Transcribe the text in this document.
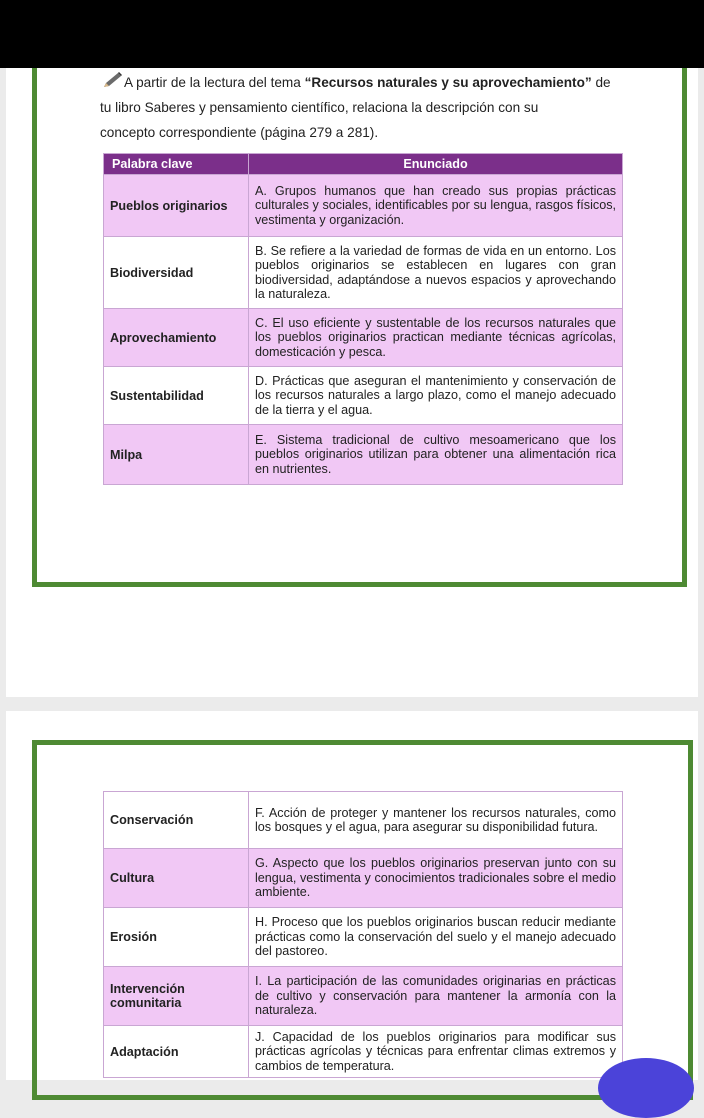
A partir de la lectura del tema “Recursos naturales y su aprovechamiento” de
tu libro Saberes y pensamiento científico, relaciona la descripción con su
concepto correspondiente (página 279 a 281).
Palabra clave	Enunciado
Pueblos originarios	A. Grupos humanos que han creado sus propias prácticas culturales y sociales, identificables por su lengua, rasgos físicos, vestimenta y organización.
Biodiversidad	B. Se refiere a la variedad de formas de vida en un entorno. Los pueblos originarios se establecen en lugares con gran biodiversidad, adaptándose a nuevos espacios y aprovechando la naturaleza.
Aprovechamiento	C. El uso eficiente y sustentable de los recursos naturales que los pueblos originarios practican mediante técnicas agrícolas, domesticación y pesca.
Sustentabilidad	D. Prácticas que aseguran el mantenimiento y conservación de los recursos naturales a largo plazo, como el manejo adecuado de la tierra y el agua.
Milpa	E. Sistema tradicional de cultivo mesoamericano que los pueblos originarios utilizan para obtener una alimentación rica en nutrientes.
Conservación	F. Acción de proteger y mantener los recursos naturales, como los bosques y el agua, para asegurar su disponibilidad futura.
Cultura	G. Aspecto que los pueblos originarios preservan junto con su lengua, vestimenta y conocimientos tradicionales sobre el medio ambiente.
Erosión	H. Proceso que los pueblos originarios buscan reducir mediante prácticas como la conservación del suelo y el manejo adecuado del pastoreo.
Intervención comunitaria	I. La participación de las comunidades originarias en prácticas de cultivo y conservación para mantener la armonía con la naturaleza.
Adaptación	J. Capacidad de los pueblos originarios para modificar sus prácticas agrícolas y técnicas para enfrentar climas extremos y cambios de temperatura.
